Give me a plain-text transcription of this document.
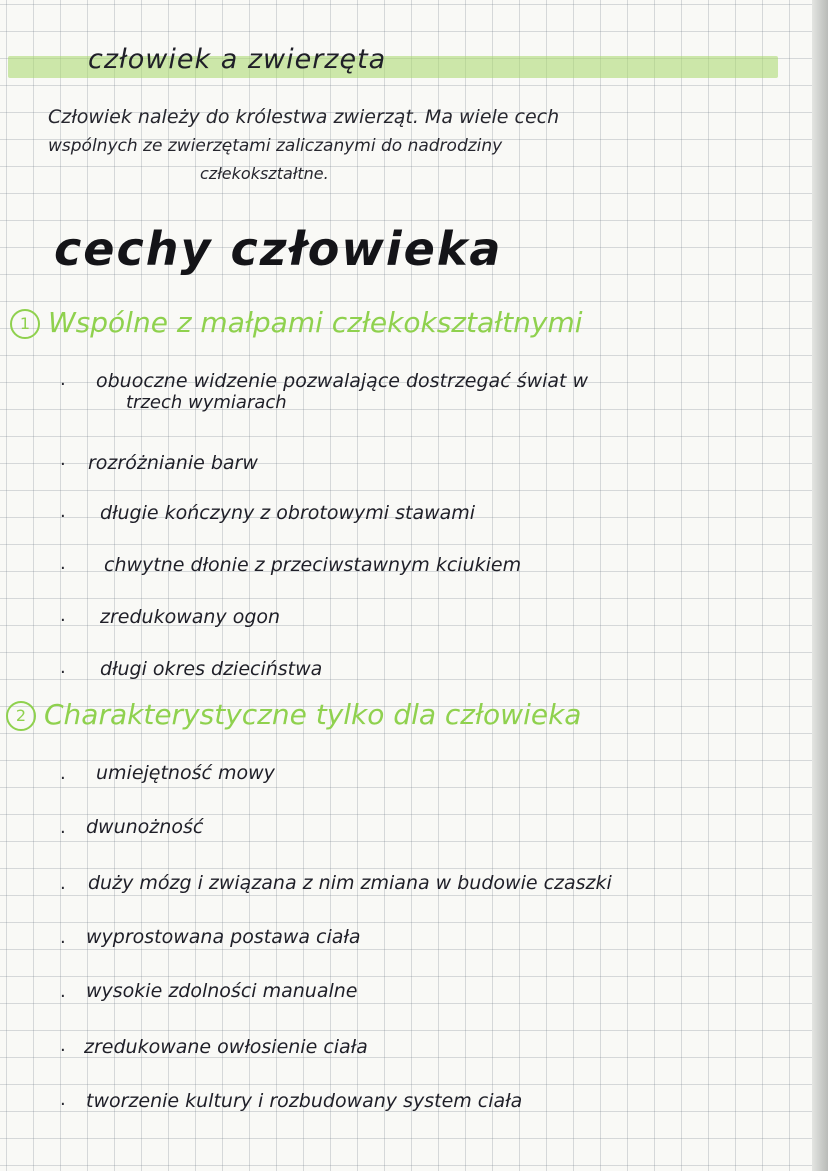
człowiek a zwierzęta
Człowiek należy do królestwa zwierząt. Ma wiele cech
wspólnych ze zwierzętami zaliczanymi do nadrodziny
człekokształtne.
cechy człowieka
1 Wspólne z małpami człekokształtnymi
· obuoczne widzenie pozwalające dostrzegać świat w
trzech wymiarach
· rozróżnianie barw
· długie kończyny z obrotowymi stawami
· chwytne dłonie z przeciwstawnym kciukiem
· zredukowany ogon
· długi okres dzieciństwa
2 Charakterystyczne tylko dla człowieka
· umiejętność mowy
· dwunożność
· duży mózg i związana z nim zmiana w budowie czaszki
· wyprostowana postawa ciała
· wysokie zdolności manualne
· zredukowane owłosienie ciała
· tworzenie kultury i rozbudowany system ciała
